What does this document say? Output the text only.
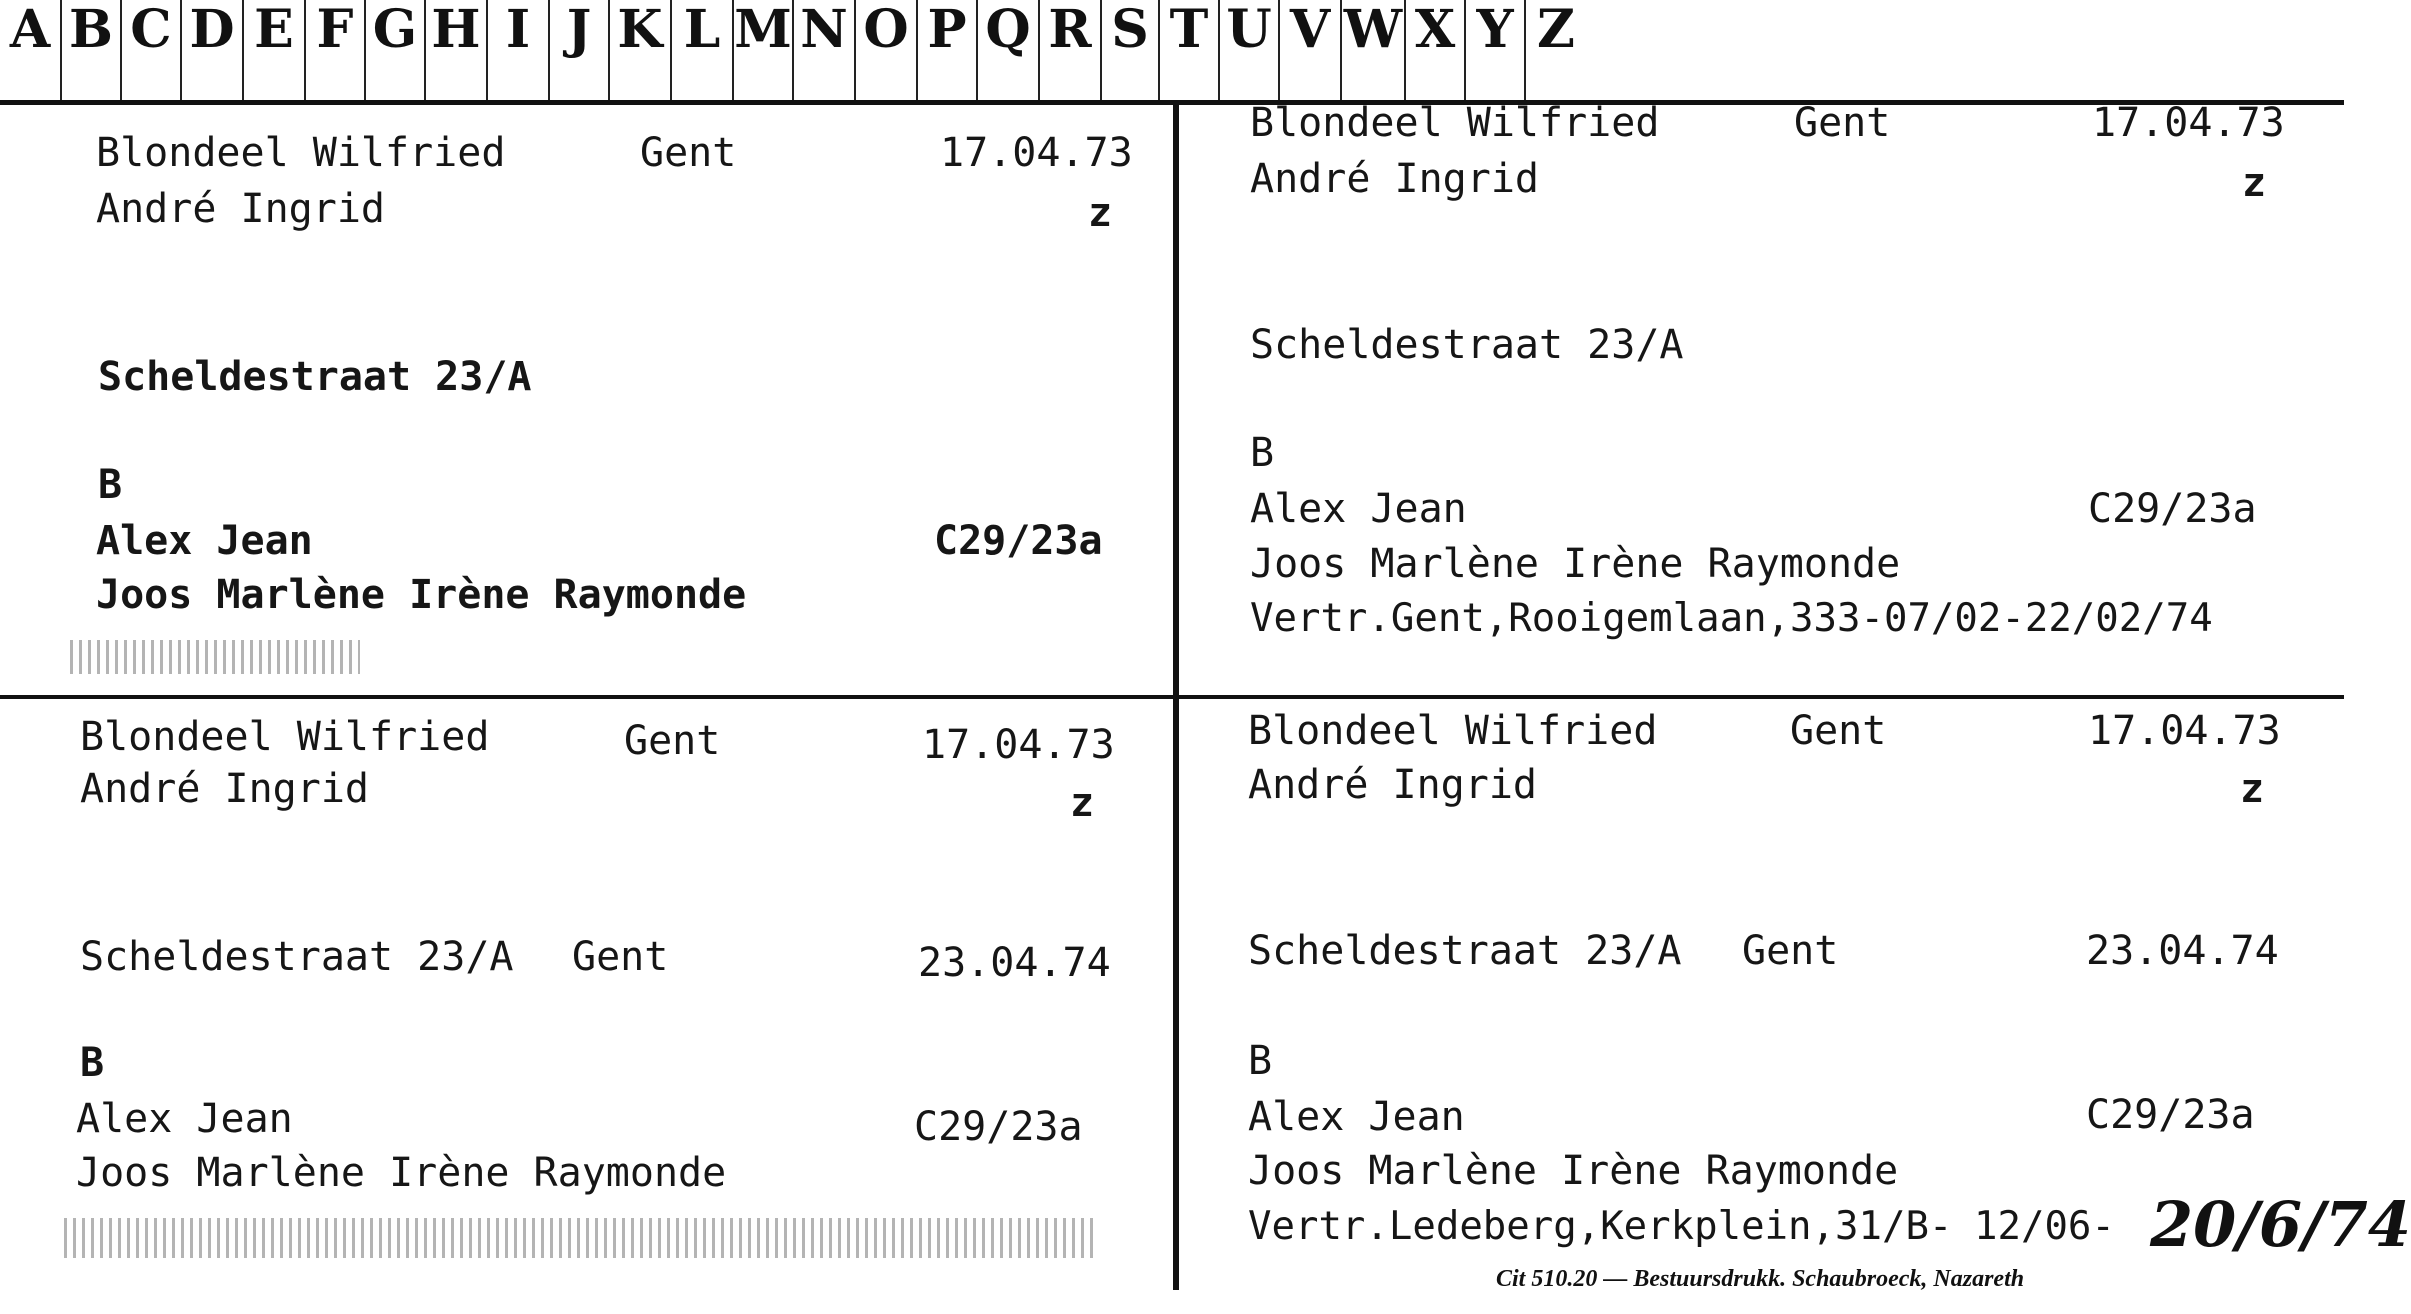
A B C D E F G H I J K L M N O P Q R S T U V W X Y Z
Blondeel Wilfried	Gent	17.04.73
André Ingrid	z
Scheldestraat 23/A
B
Alex Jean	C29/23a
Joos Marlène Irène Raymonde
Blondeel Wilfried	Gent	17.04.73
André Ingrid	z
Scheldestraat 23/A
B
Alex Jean	C29/23a
Joos Marlène Irène Raymonde
Vertr.Gent,Rooigemlaan,333-07/02-22/02/74
Blondeel Wilfried	Gent	17.04.73
André Ingrid	z
Scheldestraat 23/A Gent	23.04.74
B
Alex Jean	C29/23a
Joos Marlène Irène Raymonde
Blondeel Wilfried	Gent	17.04.73
André Ingrid	z
Scheldestraat 23/A Gent	23.04.74
B
Alex Jean	C29/23a
Joos Marlène Irène Raymonde
Vertr.Ledeberg,Kerkplein,31/B- 12/06- 20/6/74
Cit 510.20 — Bestuursdrukk. Schaubroeck, Nazareth
